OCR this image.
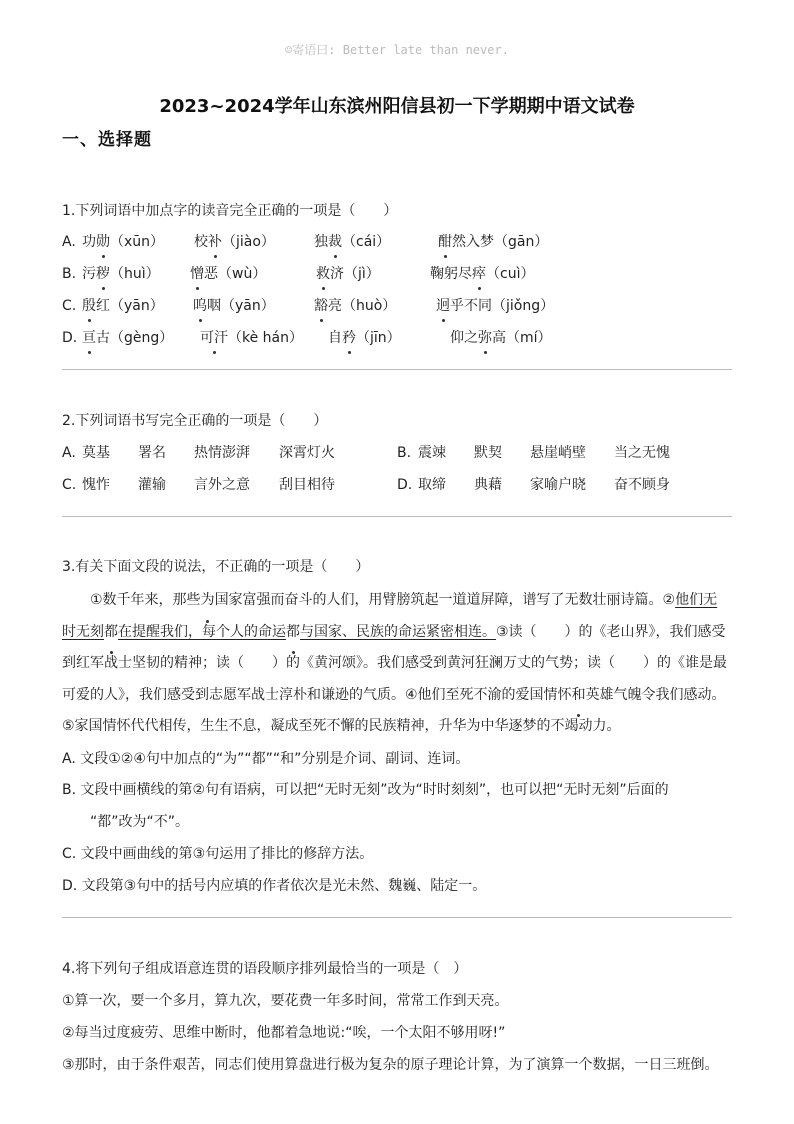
☺寄语曰: Better late than never.
2023~2024学年山东滨州阳信县初一下学期期中语文试卷
一、选择题
1.下列词语中加点字的读音完全正确的一项是（　　）
A. 功勋（xūn） 校补（jiào）	独裁（cái）	酣然入梦（gān）
B. 污秽（huì） 憎恶（wù）	救济（jì）	鞠躬尽瘁（cuì）
C. 殷红（yān） 呜咽（yān）	豁亮（huò）	迥乎不同（jiǒng）
D. 亘古（gèng） 可汗（kè hán） 自矜（jīn）	仰之弥高（mí）
2.下列词语书写完全正确的一项是（　　）
A. 莫基 署名 热情澎湃 深霄灯火	B. 震竦 默契 悬崖峭壁 当之无愧
C. 愧怍 灌输 言外之意 刮目相待	D. 取缔 典藉 家喻户晓 奋不顾身
3.有关下面文段的说法，不正确的一项是（　　）
①数千年来，那些为国家富强而奋斗的人们，用臂膀筑起一道道屏障，谱写了无数壮丽诗篇。②他们无时无刻都在提醒我们，每个人的命运都与国家、民族的命运紧密相连。③读（　　）的《老山界》，我们感受到红军战士坚韧的精神；读（　　）的《黄河颂》。我们感受到黄河狂澜万丈的气势；读（　　）的《谁是最可爱的人》，我们感受到志愿军战士淳朴和谦逊的气质。④他们至死不渝的爱国情怀和英雄气魄令我们感动。⑤家国情怀代代相传，生生不息，凝成至死不懈的民族精神，升华为中华逐梦的不竭动力。
A. 文段①②④句中加点的“为”“都”“和”分别是介词、副词、连词。
B. 文段中画横线的第②句有语病，可以把“无时无刻”改为“时时刻刻”，也可以把“无时无刻”后面的
“都”改为“不”。
C. 文段中画曲线的第③句运用了排比的修辞方法。
D. 文段第③句中的括号内应填的作者依次是光未然、魏巍、陆定一。
4.将下列句子组成语意连贯的语段顺序排列最恰当的一项是（　）
①算一次，要一个多月，算九次，要花费一年多时间，常常工作到天亮。
②每当过度疲劳、思维中断时，他都着急地说:“唉，一个太阳不够用呀!”
③那时，由于条件艰苦，同志们使用算盘进行极为复杂的原子理论计算，为了演算一个数据，一日三班倒。
